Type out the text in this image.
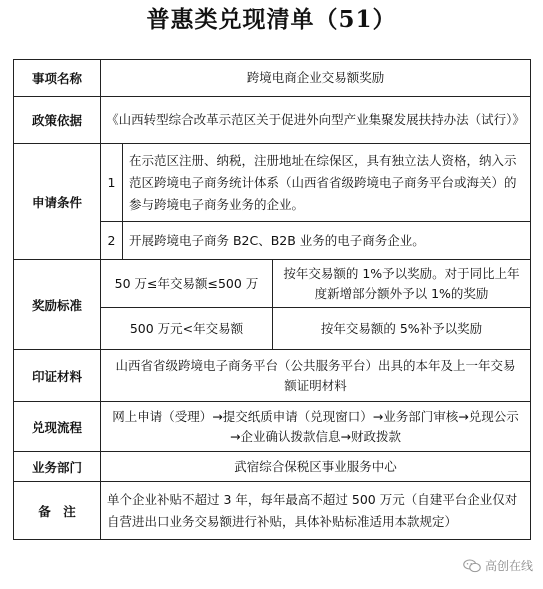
普惠类兑现清单（51）
事项名称	跨境电商企业交易额奖励		
政策依据	《山西转型综合改革示范区关于促进外向型产业集聚发展扶持办法（试行）》		
申请条件	1	在示范区注册、纳税，注册地址在综保区，具有独立法人资格，纳入示范区跨境电子商务统计体系（山西省省级跨境电子商务平台或海关）的参与跨境电子商务业务的企业。	
	2	开展跨境电子商务 B2C、B2B 业务的电子商务企业。	
奖励标准	50 万≤年交易额≤500 万		按年交易额的 1%予以奖励。对于同比上年度新增部分额外予以 1%的奖励
	500 万元<年交易额		按年交易额的 5%补予以奖励
印证材料	山西省省级跨境电子商务平台（公共服务平台）出具的本年及上一年交易额证明材料		
兑现流程	网上申请（受理）→提交纸质申请（兑现窗口）→业务部门审核→兑现公示→企业确认拨款信息→财政拨款		
业务部门	武宿综合保税区事业服务中心		
备　注	单个企业补贴不超过 3 年，每年最高不超过 500 万元（自建平台企业仅对自营进出口业务交易额进行补贴，具体补贴标准适用本款规定）		
高创在线
